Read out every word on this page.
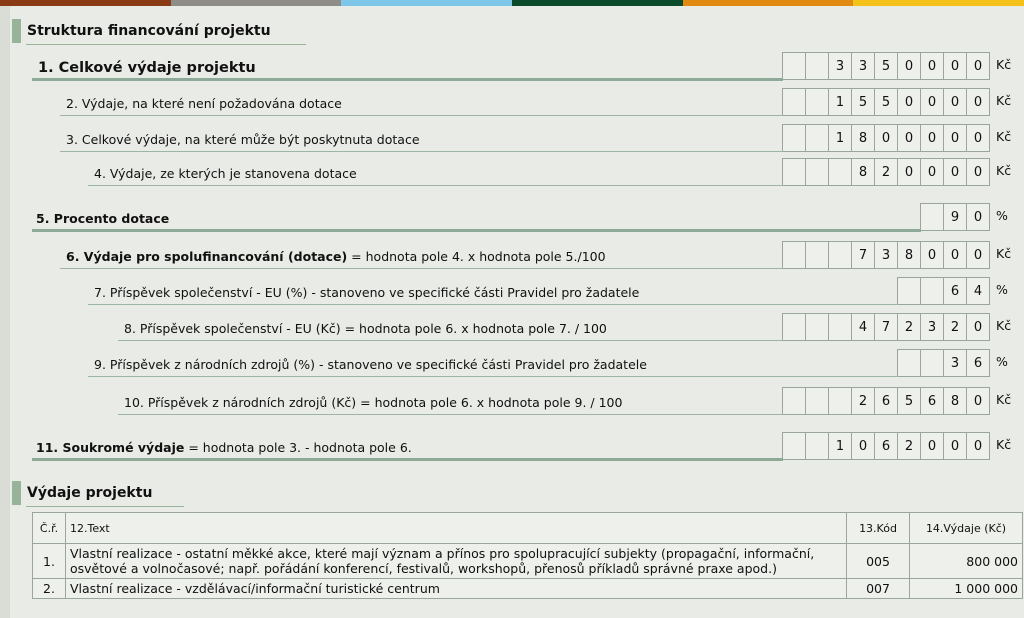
Struktura financování projektu
1. Celkové výdaje projektu	3	3	5	0	0	0	0	Kč
2. Výdaje, na které není požadována dotace	1	5	5	0	0	0	0	Kč
3. Celkové výdaje, na které může být poskytnuta dotace	1	8	0	0	0	0	0	Kč
4. Výdaje, ze kterých je stanovena dotace	8	2	0	0	0	0	Kč
5. Procento dotace	9	0	%
6. Výdaje pro spolufinancování (dotace) = hodnota pole 4. x hodnota pole 5./100	7	3	8	0	0	0	Kč
7. Příspěvek společenství - EU (%) - stanoveno ve specifické části Pravidel pro žadatele	6	4	%
8. Příspěvek společenství - EU (Kč) = hodnota pole 6. x hodnota pole 7. / 100	4	7	2	3	2	0	Kč
9. Příspěvek z národních zdrojů (%) - stanoveno ve specifické části Pravidel pro žadatele	3	6	%
10. Příspěvek z národních zdrojů (Kč) = hodnota pole 6. x hodnota pole 9. / 100	2	6	5	6	8	0	Kč
11. Soukromé výdaje = hodnota pole 3. - hodnota pole 6.	1	0	6	2	0	0	0	Kč
Výdaje projektu
Č.ř.	12.Text	13.Kód	14.Výdaje (Kč)
1.	Vlastní realizace - ostatní měkké akce, které mají význam a přínos pro spolupracující subjekty (propagační, informační, osvětové a volnočasové; např. pořádání konferencí, festivalů, workshopů, přenosů příkladů správné praxe apod.)	005	800 000
2.	Vlastní realizace - vzdělávací/informační turistické centrum	007	1 000 000
